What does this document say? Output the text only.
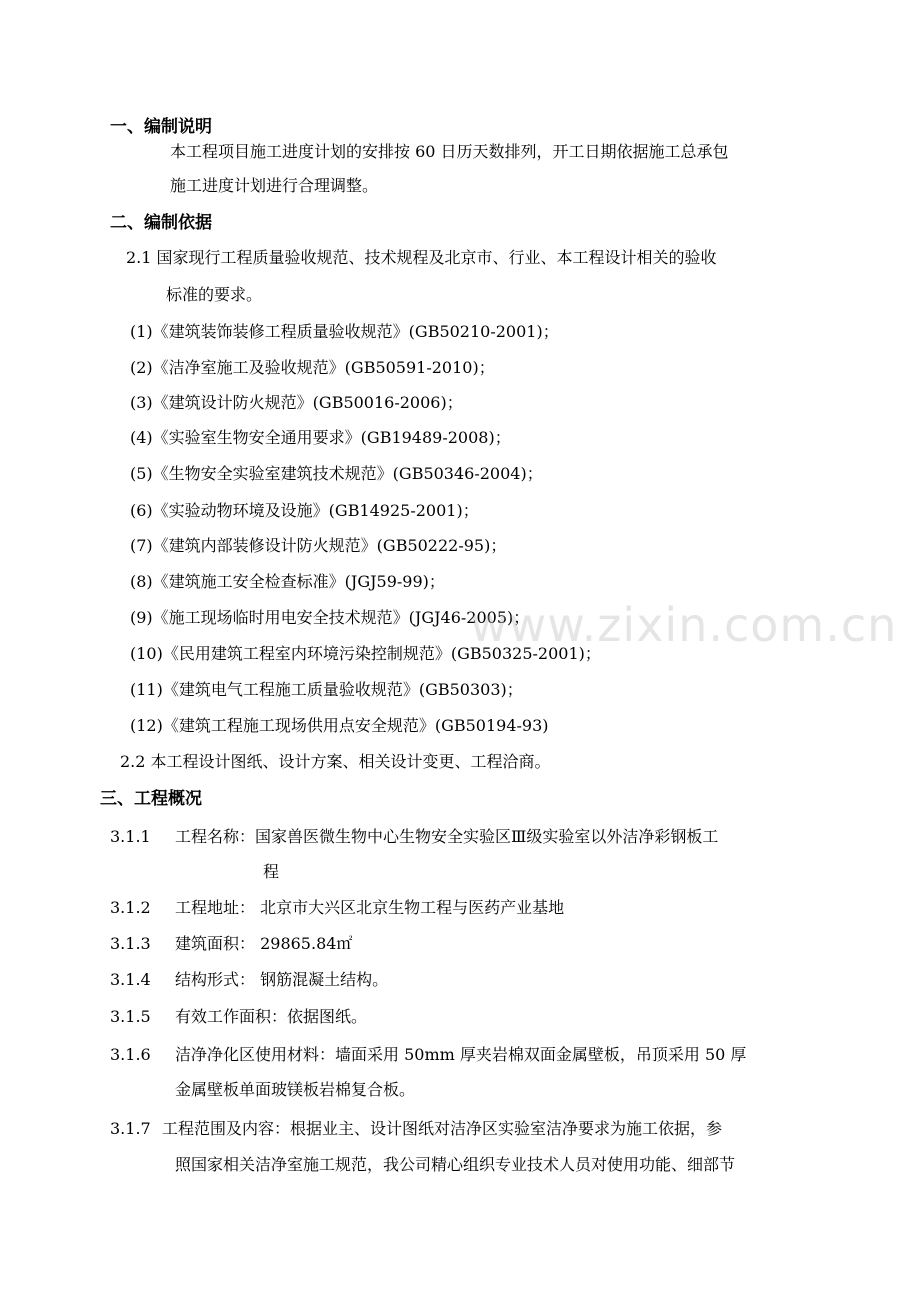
一、编制说明
本工程项目施工进度计划的安排按 60 日历天数排列，开工日期依据施工总承包
施工进度计划进行合理调整。
二、编制依据
2.1 国家现行工程质量验收规范、技术规程及北京市、行业、本工程设计相关的验收
标准的要求。
(1)《建筑装饰装修工程质量验收规范》(GB50210-2001)；
(2)《洁净室施工及验收规范》(GB50591-2010)；
(3)《建筑设计防火规范》(GB50016-2006)；
(4)《实验室生物安全通用要求》(GB19489-2008)；
(5)《生物安全实验室建筑技术规范》(GB50346-2004)；
(6)《实验动物环境及设施》(GB14925-2001)；
(7)《建筑内部装修设计防火规范》(GB50222-95)；
(8)《建筑施工安全检查标准》(JGJ59-99)；
(9)《施工现场临时用电安全技术规范》(JGJ46-2005)；
(10)《民用建筑工程室内环境污染控制规范》(GB50325-2001)；
(11)《建筑电气工程施工质量验收规范》(GB50303)；
(12)《建筑工程施工现场供用点安全规范》(GB50194-93)
2.2 本工程设计图纸、设计方案、相关设计变更、工程洽商。
三、工程概况
3.1.1 工程名称：国家兽医微生物中心生物安全实验区Ⅲ级实验室以外洁净彩钢板工
程
3.1.2 工程地址： 北京市大兴区北京生物工程与医药产业基地
3.1.3 建筑面积： 29865.84㎡
3.1.4 结构形式： 钢筋混凝土结构。
3.1.5 有效工作面积：依据图纸。
3.1.6 洁净净化区使用材料：墙面采用 50mm 厚夹岩棉双面金属壁板，吊顶采用 50 厚
金属壁板单面玻镁板岩棉复合板。
3.1.7 工程范围及内容：根据业主、设计图纸对洁净区实验室洁净要求为施工依据，参
照国家相关洁净室施工规范，我公司精心组织专业技术人员对使用功能、细部节
www.zixin.com.cn
